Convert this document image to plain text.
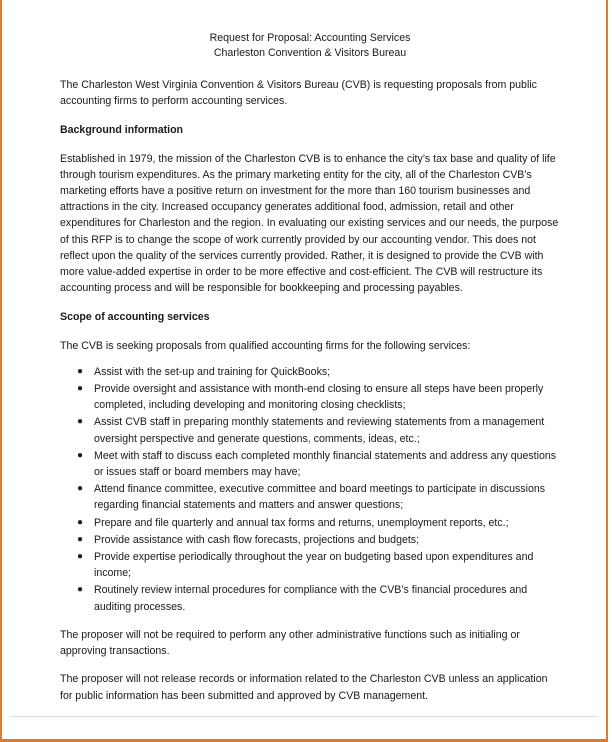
Request for Proposal: Accounting Services
Charleston Convention & Visitors Bureau

The Charleston West Virginia Convention & Visitors Bureau (CVB) is requesting proposals from public accounting firms to perform accounting services.

Background information

Established in 1979, the mission of the Charleston CVB is to enhance the city’s tax base and quality of life through tourism expenditures. As the primary marketing entity for the city, all of the Charleston CVB’s marketing efforts have a positive return on investment for the more than 160 tourism businesses and attractions in the city. Increased occupancy generates additional food, admission, retail and other expenditures for Charleston and the region. In evaluating our existing services and our needs, the purpose of this RFP is to change the scope of work currently provided by our accounting vendor. This does not reflect upon the quality of the services currently provided. Rather, it is designed to provide the CVB with more value-added expertise in order to be more effective and cost-efficient. The CVB will restructure its accounting process and will be responsible for bookkeeping and processing payables.

Scope of accounting services

The CVB is seeking proposals from qualified accounting firms for the following services:

● Assist with the set-up and training for QuickBooks;
● Provide oversight and assistance with month-end closing to ensure all steps have been properly completed, including developing and monitoring closing checklists;
● Assist CVB staff in preparing monthly statements and reviewing statements from a management oversight perspective and generate questions, comments, ideas, etc.;
● Meet with staff to discuss each completed monthly financial statements and address any questions or issues staff or board members may have;
● Attend finance committee, executive committee and board meetings to participate in discussions regarding financial statements and matters and answer questions;
● Prepare and file quarterly and annual tax forms and returns, unemployment reports, etc.;
● Provide assistance with cash flow forecasts, projections and budgets;
● Provide expertise periodically throughout the year on budgeting based upon expenditures and income;
● Routinely review internal procedures for compliance with the CVB’s financial procedures and auditing processes.

The proposer will not be required to perform any other administrative functions such as initialing or approving transactions.

The proposer will not release records or information related to the Charleston CVB unless an application for public information has been submitted and approved by CVB management.
